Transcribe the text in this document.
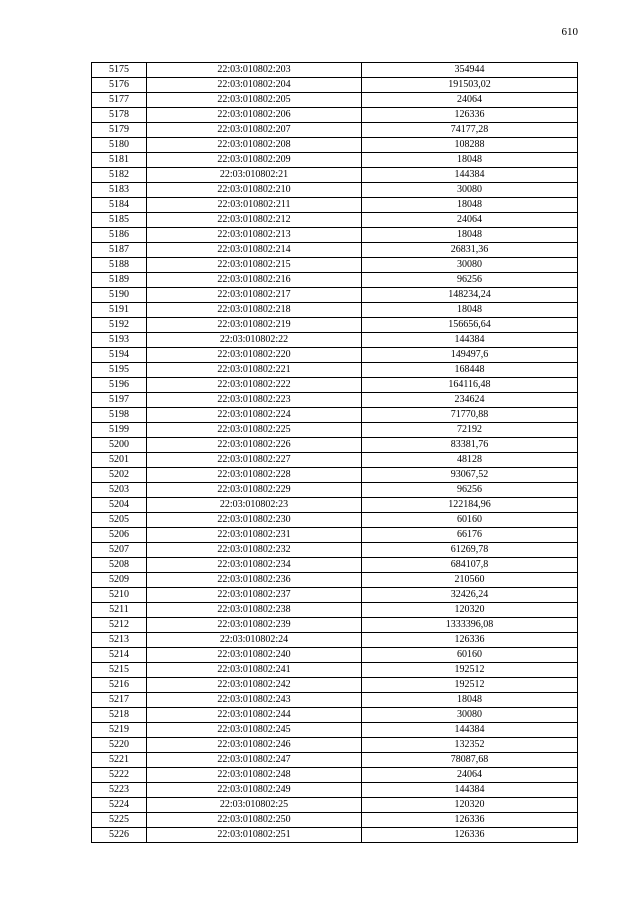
610
5175	22:03:010802:203	354944
5176	22:03:010802:204	191503,02
5177	22:03:010802:205	24064
5178	22:03:010802:206	126336
5179	22:03:010802:207	74177,28
5180	22:03:010802:208	108288
5181	22:03:010802:209	18048
5182	22:03:010802:21	144384
5183	22:03:010802:210	30080
5184	22:03:010802:211	18048
5185	22:03:010802:212	24064
5186	22:03:010802:213	18048
5187	22:03:010802:214	26831,36
5188	22:03:010802:215	30080
5189	22:03:010802:216	96256
5190	22:03:010802:217	148234,24
5191	22:03:010802:218	18048
5192	22:03:010802:219	156656,64
5193	22:03:010802:22	144384
5194	22:03:010802:220	149497,6
5195	22:03:010802:221	168448
5196	22:03:010802:222	164116,48
5197	22:03:010802:223	234624
5198	22:03:010802:224	71770,88
5199	22:03:010802:225	72192
5200	22:03:010802:226	83381,76
5201	22:03:010802:227	48128
5202	22:03:010802:228	93067,52
5203	22:03:010802:229	96256
5204	22:03:010802:23	122184,96
5205	22:03:010802:230	60160
5206	22:03:010802:231	66176
5207	22:03:010802:232	61269,78
5208	22:03:010802:234	684107,8
5209	22:03:010802:236	210560
5210	22:03:010802:237	32426,24
5211	22:03:010802:238	120320
5212	22:03:010802:239	1333396,08
5213	22:03:010802:24	126336
5214	22:03:010802:240	60160
5215	22:03:010802:241	192512
5216	22:03:010802:242	192512
5217	22:03:010802:243	18048
5218	22:03:010802:244	30080
5219	22:03:010802:245	144384
5220	22:03:010802:246	132352
5221	22:03:010802:247	78087,68
5222	22:03:010802:248	24064
5223	22:03:010802:249	144384
5224	22:03:010802:25	120320
5225	22:03:010802:250	126336
5226	22:03:010802:251	126336
